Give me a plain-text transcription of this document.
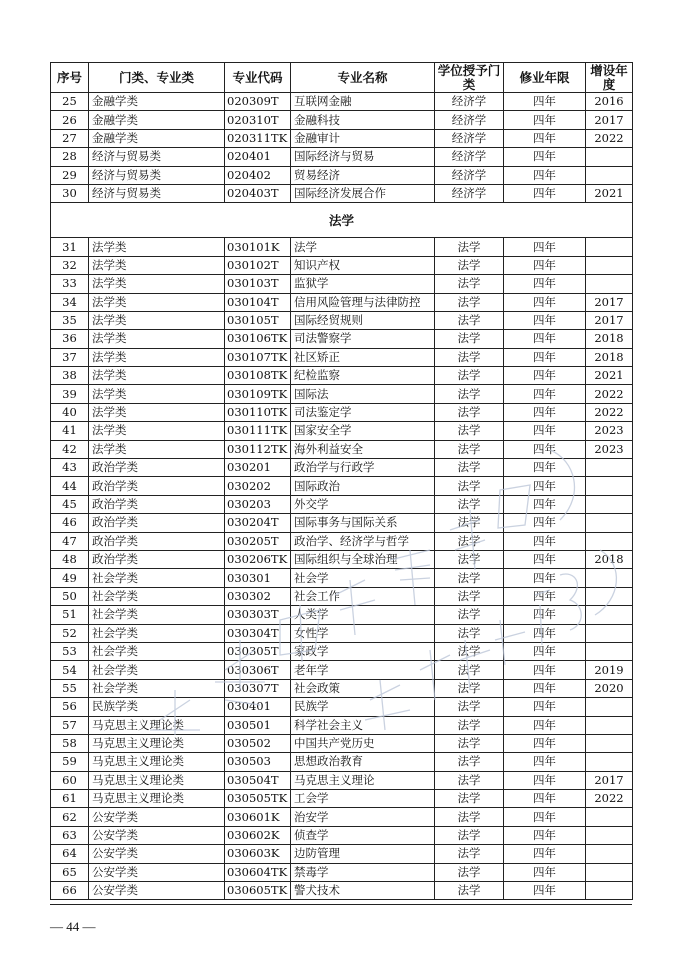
序号	门类、专业类	专业代码	专业名称	学位授予门类	修业年限	增设年度
25	金融学类	020309T	互联网金融	经济学	四年	2016
26	金融学类	020310T	金融科技	经济学	四年	2017
27	金融学类	020311TK	金融审计	经济学	四年	2022
28	经济与贸易类	020401	国际经济与贸易	经济学	四年	
29	经济与贸易类	020402	贸易经济	经济学	四年	
30	经济与贸易类	020403T	国际经济发展合作	经济学	四年	2021
法学						
31	法学类	030101K	法学	法学	四年	
32	法学类	030102T	知识产权	法学	四年	
33	法学类	030103T	监狱学	法学	四年	
34	法学类	030104T	信用风险管理与法律防控	法学	四年	2017
35	法学类	030105T	国际经贸规则	法学	四年	2017
36	法学类	030106TK	司法警察学	法学	四年	2018
37	法学类	030107TK	社区矫正	法学	四年	2018
38	法学类	030108TK	纪检监察	法学	四年	2021
39	法学类	030109TK	国际法	法学	四年	2022
40	法学类	030110TK	司法鉴定学	法学	四年	2022
41	法学类	030111TK	国家安全学	法学	四年	2023
42	法学类	030112TK	海外利益安全	法学	四年	2023
43	政治学类	030201	政治学与行政学	法学	四年	
44	政治学类	030202	国际政治	法学	四年	
45	政治学类	030203	外交学	法学	四年	
46	政治学类	030204T	国际事务与国际关系	法学	四年	
47	政治学类	030205T	政治学、经济学与哲学	法学	四年	
48	政治学类	030206TK	国际组织与全球治理	法学	四年	2018
49	社会学类	030301	社会学	法学	四年	
50	社会学类	030302	社会工作	法学	四年	
51	社会学类	030303T	人类学	法学	四年	
52	社会学类	030304T	女性学	法学	四年	
53	社会学类	030305T	家政学	法学	四年	
54	社会学类	030306T	老年学	法学	四年	2019
55	社会学类	030307T	社会政策	法学	四年	2020
56	民族学类	030401	民族学	法学	四年	
57	马克思主义理论类	030501	科学社会主义	法学	四年	
58	马克思主义理论类	030502	中国共产党历史	法学	四年	
59	马克思主义理论类	030503	思想政治教育	法学	四年	
60	马克思主义理论类	030504T	马克思主义理论	法学	四年	2017
61	马克思主义理论类	030505TK	工会学	法学	四年	2022
62	公安学类	030601K	治安学	法学	四年	
63	公安学类	030602K	侦查学	法学	四年	
64	公安学类	030603K	边防管理	法学	四年	
65	公安学类	030604TK	禁毒学	法学	四年	
66	公安学类	030605TK	警犬技术	法学	四年	
— 44 —
